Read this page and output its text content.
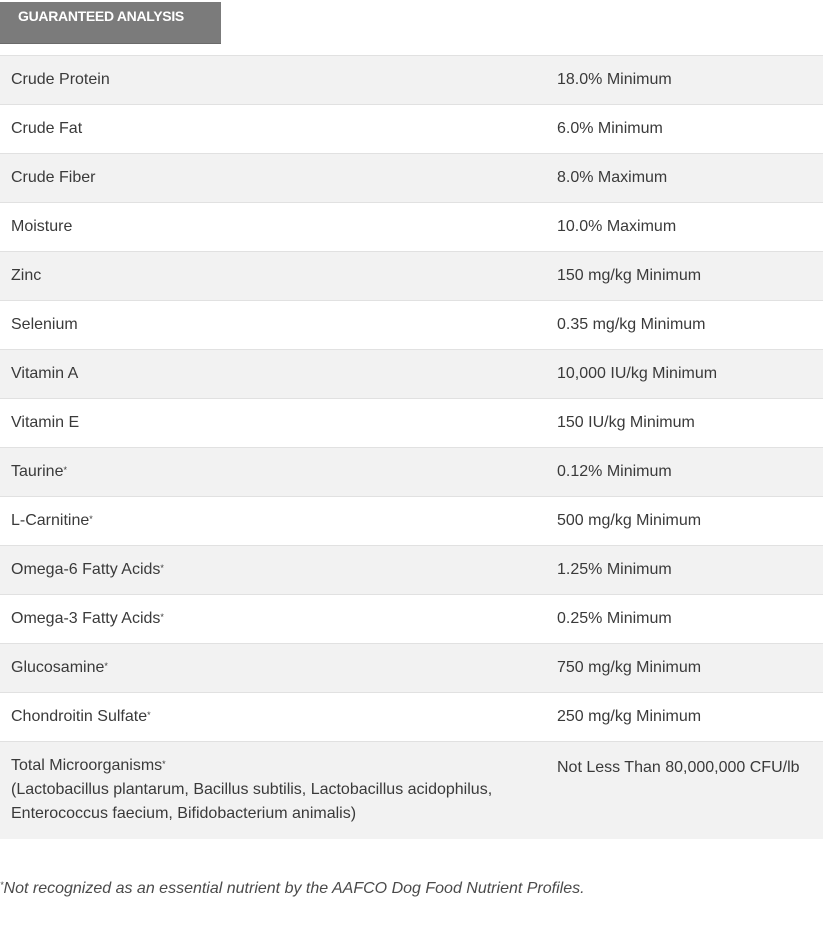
GUARANTEED ANALYSIS
Crude Protein	18.0% Minimum
Crude Fat	6.0% Minimum
Crude Fiber	8.0% Maximum
Moisture	10.0% Maximum
Zinc	150 mg/kg Minimum
Selenium	0.35 mg/kg Minimum
Vitamin A	10,000 IU/kg Minimum
Vitamin E	150 IU/kg Minimum
Taurine*	0.12% Minimum
L-Carnitine*	500 mg/kg Minimum
Omega-6 Fatty Acids*	1.25% Minimum
Omega-3 Fatty Acids*	0.25% Minimum
Glucosamine*	750 mg/kg Minimum
Chondroitin Sulfate*	250 mg/kg Minimum

Total Microorganisms*
(Lactobacillus plantarum, Bacillus subtilis, Lactobacillus acidophilus,
Enterococcus faecium, Bifidobacterium animalis)	Not Less Than 80,000,000 CFU/lb
*Not recognized as an essential nutrient by the AAFCO Dog Food Nutrient Profiles.
